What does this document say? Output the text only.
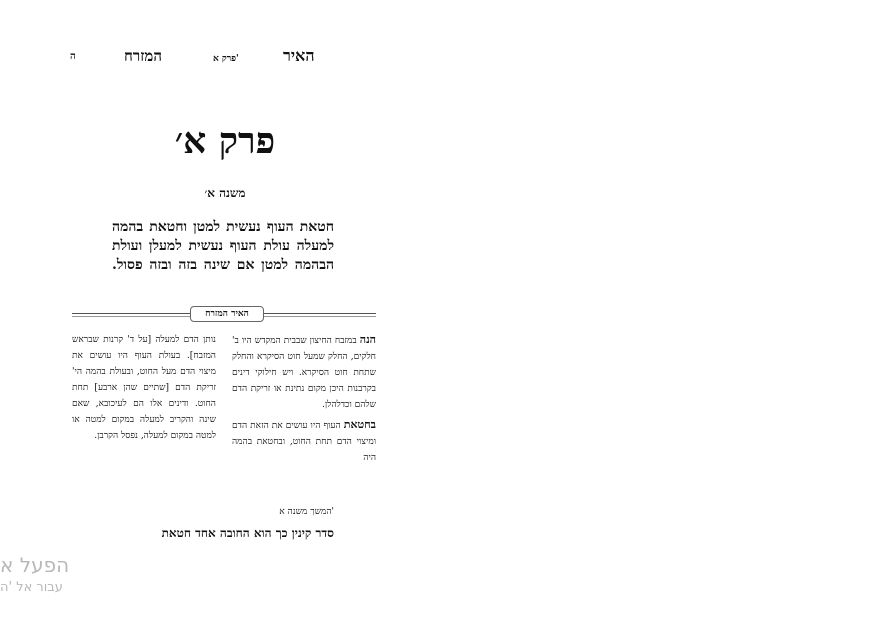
ה	המזרח	פרק א'	האיר
פרק א׳
משנה א׳
חטאת העוף נעשית למטן וחטאת בהמה למעלה עולת העוף נעשית למעלן ועולת הבהמה למטן אם שינה בזה ובזה פסול.
האיר המזרח

הנה במזבח החיצון שבבית המקדש היו ב' חלקים, החלק שמעל חוט הסיקרא והחלק שתחת חוט הסיקרא. ויש חילוקי דינים בקרבנות היכן מקום נתינת או זריקת הדם שלהם וכדלהלן.

בחטאת העוף היו עושים את הזאת הדם ומיצוי הדם תחת החוט, ובחטאת בהמה היה

נותן הדם למעלה [על ד' קרנות שבראש המזבח]. בעולת העוף היו עושים את מיצוי הדם מעל החוט, ובעולת בהמה הי' זריקת הדם [שתיים שהן ארבע] תחת החוט. ודינים אלו הם לעיכובא, שאם שינה והקריב למעלה במקום למטה או למטה במקום למעלה, נפסל הקרבן.

המשך משנה א'
סדר קינין כך הוא החובה אחד חטאת
הפעל א
עבור אל 'ה
